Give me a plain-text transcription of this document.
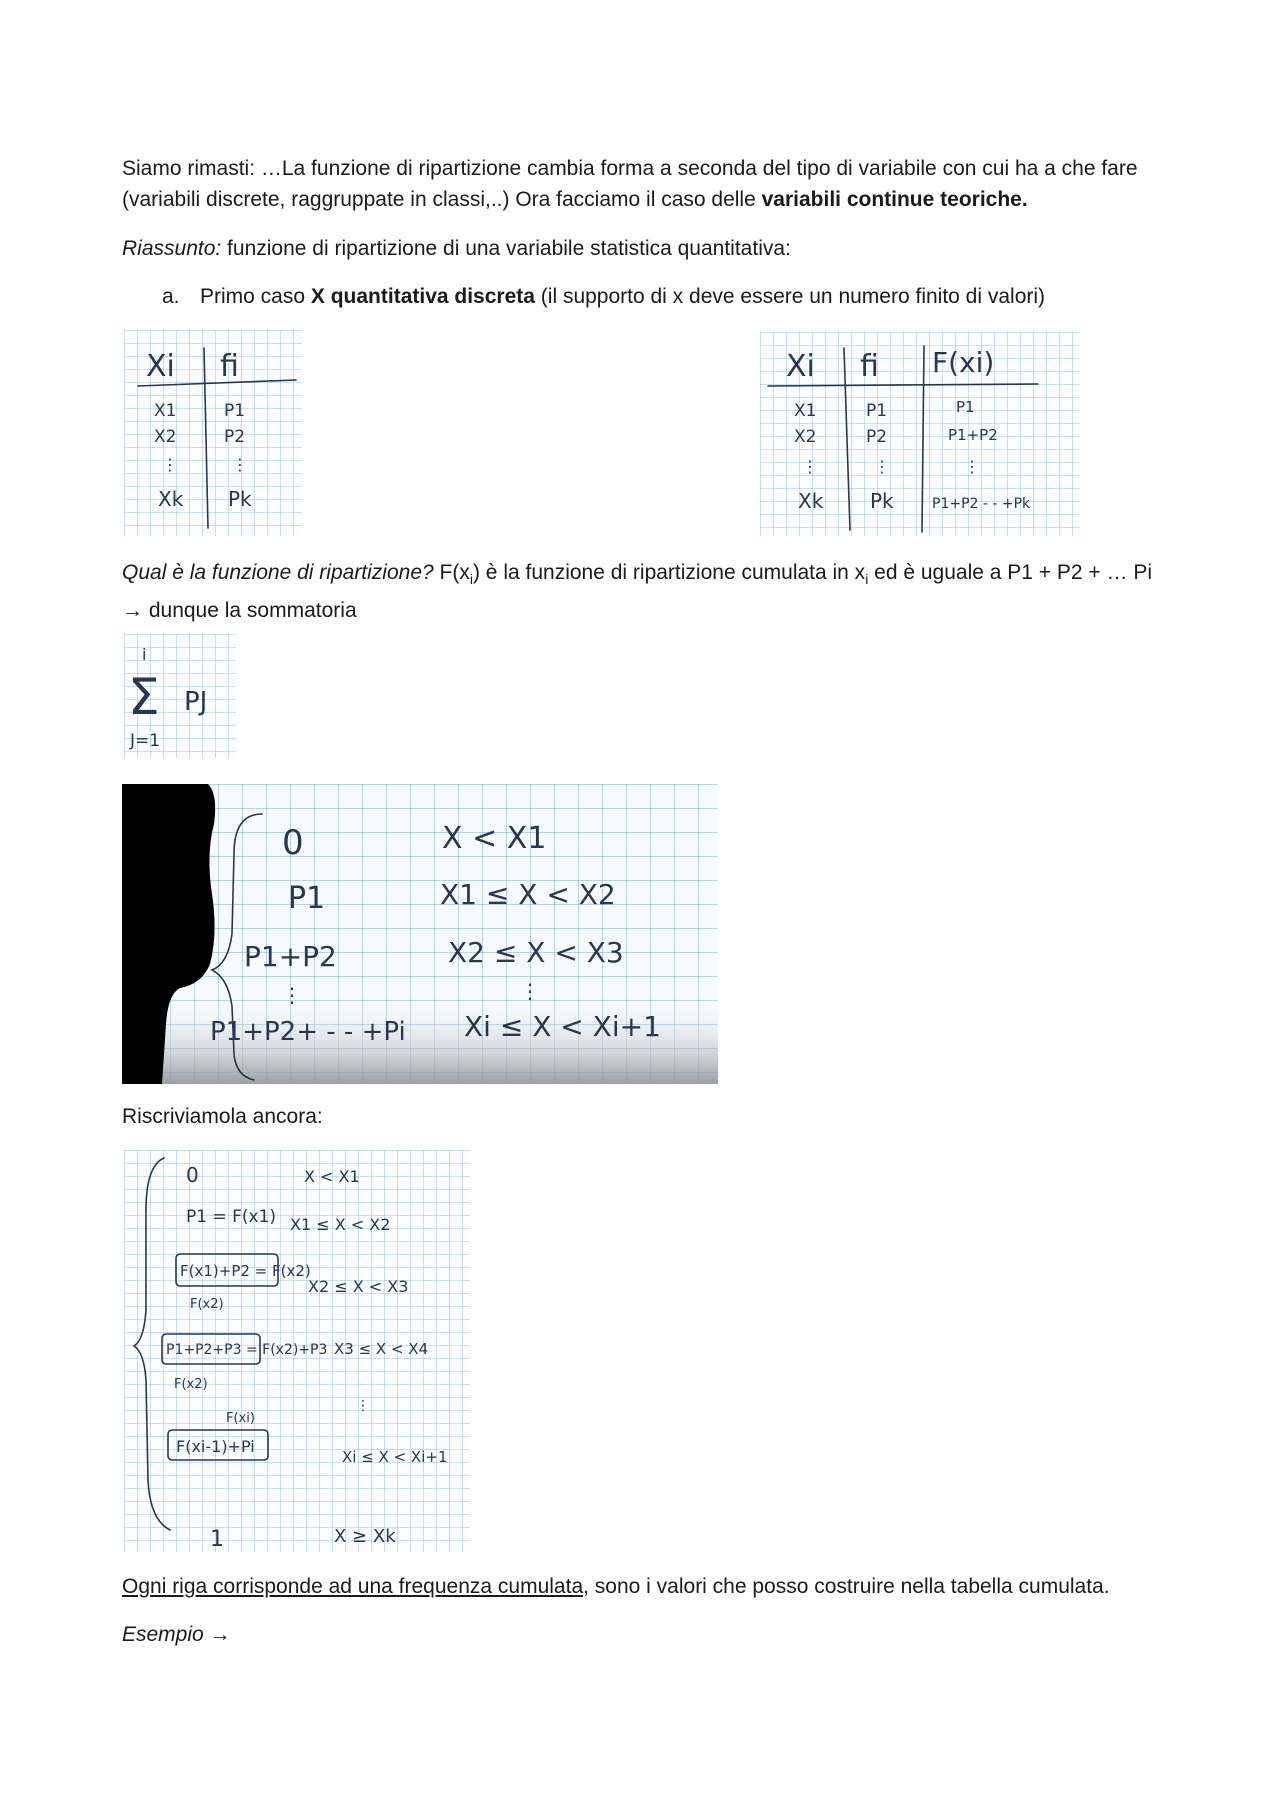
Siamo rimasti: …La funzione di ripartizione cambia forma a seconda del tipo di variabile con cui ha a che fare (variabili discrete, raggruppate in classi,..) Ora facciamo il caso delle variabili continue teoriche.
Riassunto: funzione di ripartizione di una variabile statistica quantitativa:
a. Primo caso X quantitativa discreta (il supporto di x deve essere un numero finito di valori)
Xi fi
X1
X2
⋮
Xk
P1
P2
⋮
Pk
Xi fi F(xi)
X1
X2
⋮
Xk
P1
P2
⋮
Pk
P1
P1+P2
⋮
P1+P2 - - +Pk
Qual è la funzione di ripartizione? $F(x_i)$ è la funzione di ripartizione cumulata in $x_i$ ed è uguale a P1 + P2 + … Pi → dunque la sommatoria
i
Σ PJ
J=1
0
P1
P1+P2
⋮
P1+P2+ - - +Pi
X < X1
X1 ≤ X < X2
X2 ≤ X < X3
⋮
Xi ≤ X < Xi+1
Riscriviamola ancora:
0	X < X1
P1 = F(x1) X1 ≤ X < X2
F(x1)+P2 = F(x2)
X2 ≤ X < X3
F(x2)
P1+P2+P3 = F(x2)+P3 X3 ≤ X < X4
F(x2)
F(xi)
⋮
F(xi-1)+Pi
Xi ≤ X < Xi+1
1	X ≥ Xk
Ogni riga corrisponde ad una frequenza cumulata, sono i valori che posso costruire nella tabella cumulata.
Esempio →
